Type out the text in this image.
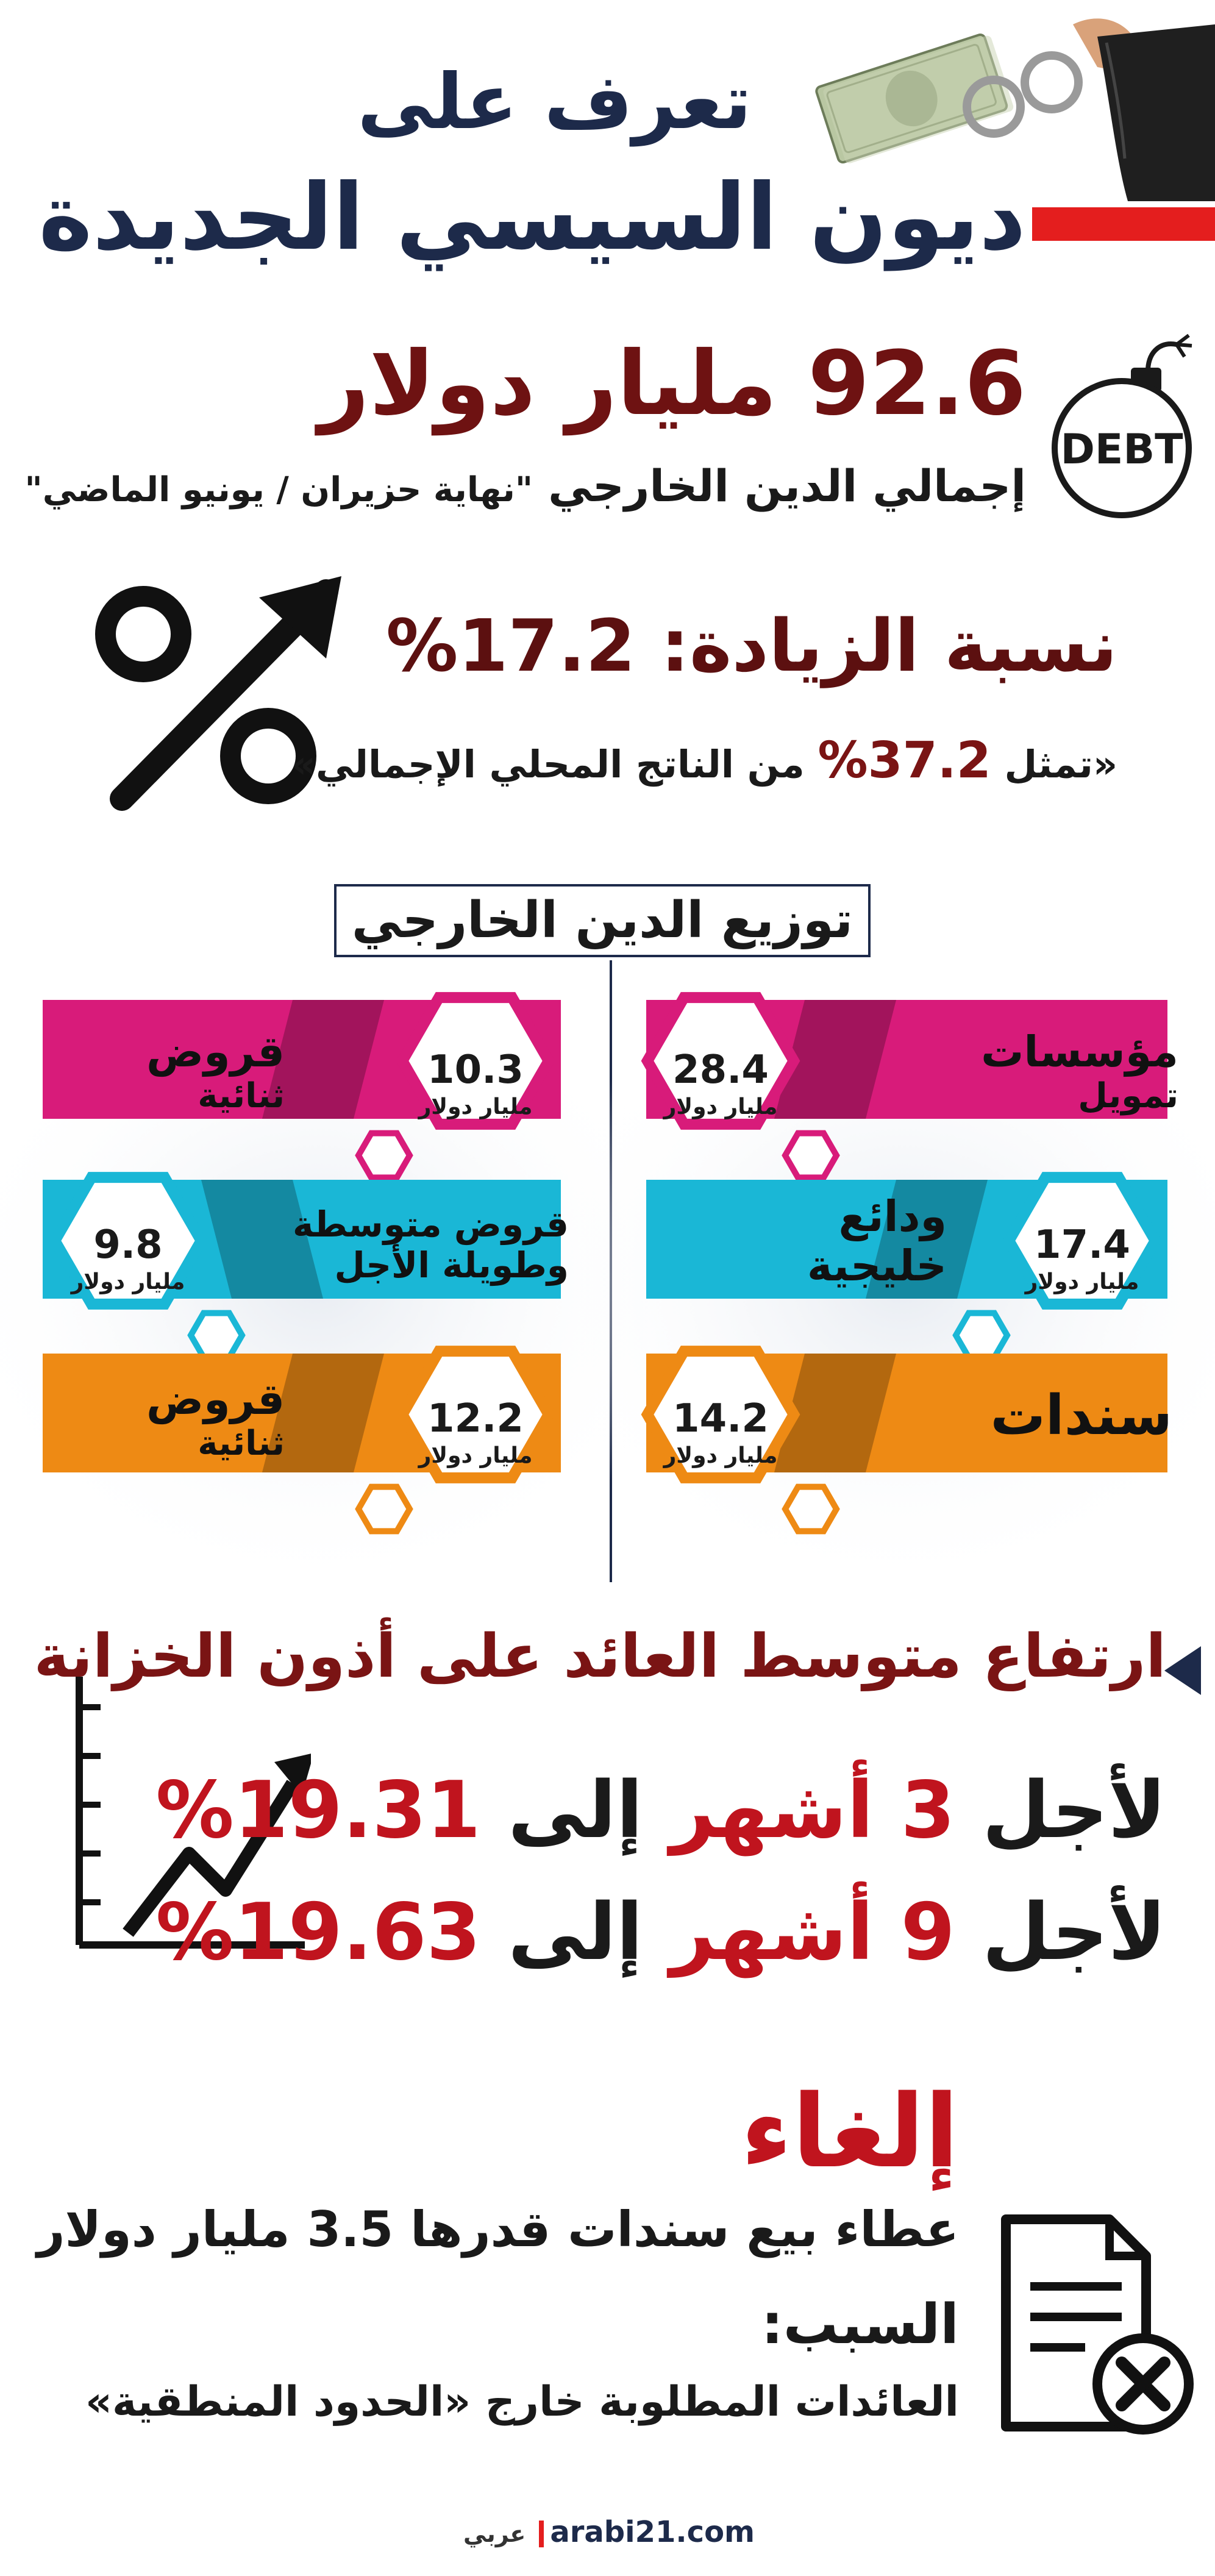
تعرف على
ديون السيسي الجديدة
92.6 مليار دولار
إجمالي الدين الخارجي "نهاية حزيران / يونيو الماضي"
DEBT
نسبة الزيادة: 17.2%
«تمثل 37.2% من الناتج المحلي الإجمالي»
توزيع الدين الخارجي
مؤسسات
تمويل
ودائع
خليجية
سندات
قروض
ثنائية
قروض متوسطة
وطويلة الأجل
قروض
ثنائية
28.4
مليار دولار
17.4
مليار دولار
14.2
مليار دولار
10.3
مليار دولار
9.8
مليار دولار
12.2
مليار دولار
ارتفاع متوسط العائد على أذون الخزانة
لأجل 3 أشهر إلى 19.31%
لأجل 9 أشهر إلى 19.63%
إلغاء
عطاء بيع سندات قدرها 3.5 مليار دولار
السبب:
العائدات المطلوبة خارج «الحدود المنطقية»
عربي arabi21.com
